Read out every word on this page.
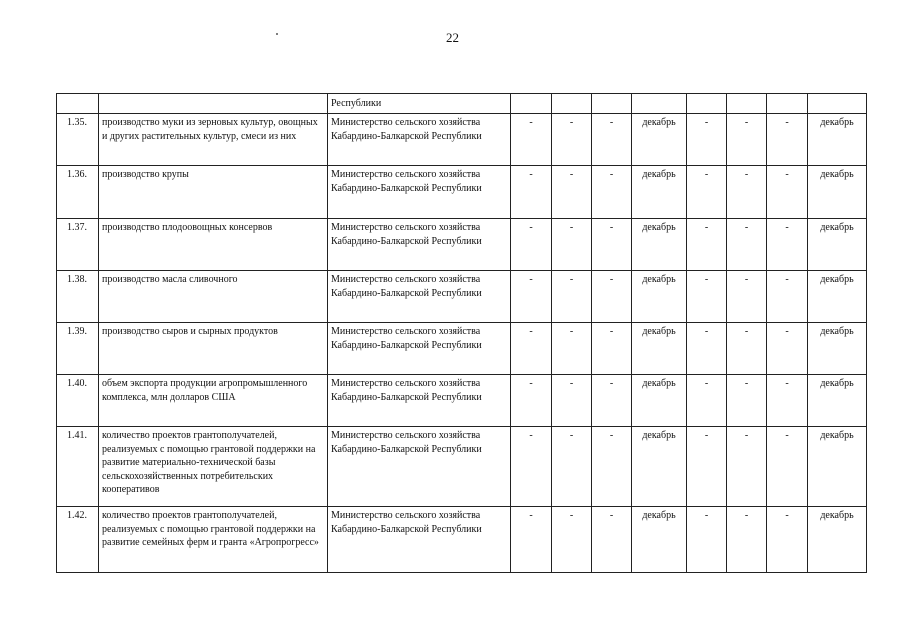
22
		Республики								
1.35.	производство муки из зерновых культур, овощных и других растительных культур, смеси из них	Министерство сельского хозяйства Кабардино-Балкарской Республики	-	-	-	декабрь	-	-	-	декабрь
1.36.	производство крупы	Министерство сельского хозяйства Кабардино-Балкарской Республики	-	-	-	декабрь	-	-	-	декабрь
1.37.	производство плодоовощных консервов	Министерство сельского хозяйства Кабардино-Балкарской Республики	-	-	-	декабрь	-	-	-	декабрь
1.38.	производство масла сливочного	Министерство сельского хозяйства Кабардино-Балкарской Республики	-	-	-	декабрь	-	-	-	декабрь
1.39.	производство сыров и сырных продуктов	Министерство сельского хозяйства Кабардино-Балкарской Республики	-	-	-	декабрь	-	-	-	декабрь
1.40.	объем экспорта продукции агропромышленного комплекса, млн долларов США	Министерство сельского хозяйства Кабардино-Балкарской Республики	-	-	-	декабрь	-	-	-	декабрь
1.41.	количество проектов грантополучателей, реализуемых с помощью грантовой поддержки на развитие материально-технической базы сельскохозяйственных потребительских кооперативов	Министерство сельского хозяйства Кабардино-Балкарской Республики	-	-	-	декабрь	-	-	-	декабрь
1.42.	количество проектов грантополучателей, реализуемых с помощью грантовой поддержки на развитие семейных ферм и гранта «Агропрогресс»	Министерство сельского хозяйства Кабардино-Балкарской Республики	-	-	-	декабрь	-	-	-	декабрь
